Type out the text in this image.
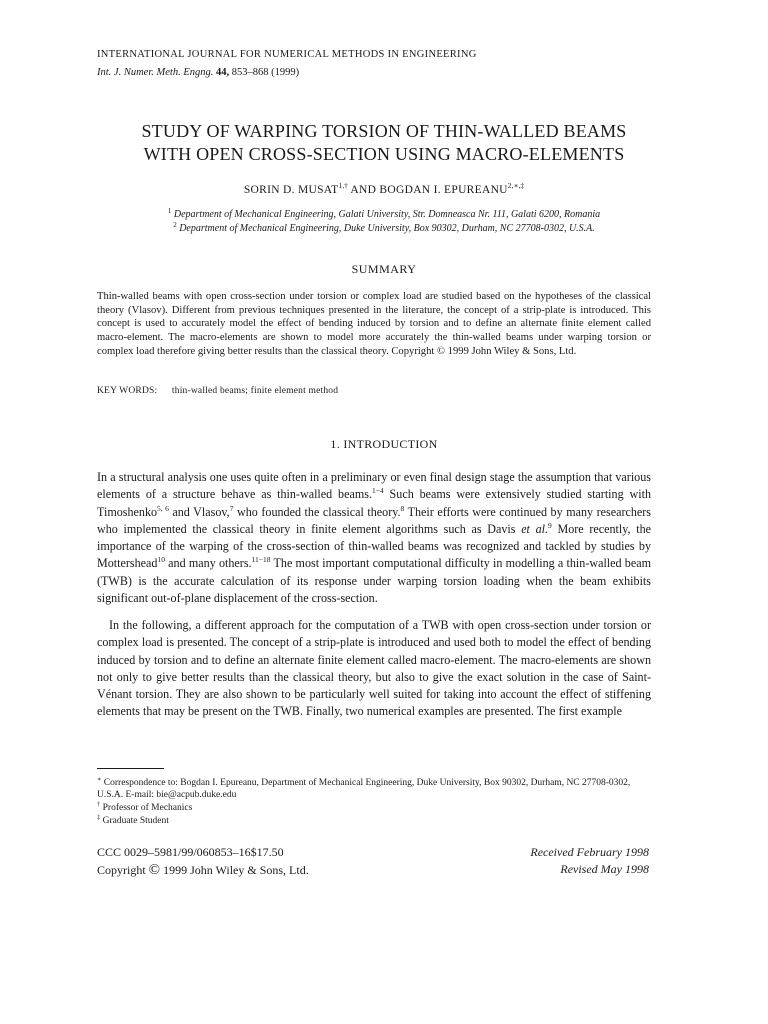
INTERNATIONAL JOURNAL FOR NUMERICAL METHODS IN ENGINEERING
Int. J. Numer. Meth. Engng. 44, 853–868 (1999)
STUDY OF WARPING TORSION OF THIN-WALLED BEAMS
WITH OPEN CROSS-SECTION USING MACRO-ELEMENTS
SORIN D. $MUSAT^{1,\dagger}$ AND BOGDAN I. $EPUREANU^{2,∗,\ddagger}$
$^1$ Department of Mechanical Engineering, Galati University, Str. Domneasca Nr. 111, Galati 6200, Romania
$^2$ Department of Mechanical Engineering, Duke University, Box 90302, Durham, NC 27708-0302, U.S.A.
SUMMARY

Thin-walled beams with open cross-section under torsion or complex load are studied based on the hypotheses of the classical theory (Vlasov). Different from previous techniques presented in the literature, the concept of a strip-plate is introduced. This concept is used to accurately model the effect of bending induced by torsion and to define an alternate finite element called macro-element. The macro-elements are shown to model more accurately the thin-walled beams under warping torsion or complex load therefore giving better results than the classical theory. Copyright © 1999 John Wiley & Sons, Ltd.

KEY WORDS: thin-walled beams; finite element method
1. INTRODUCTION

In a structural analysis one uses quite often in a preliminary or even final design stage the assumption that various elements of a structure behave as thin-walled beams.$^{1-4}$ Such beams were extensively studied starting with Timoshenko$^{5, 6}$ and Vlasov,$^7$ who founded the classical theory.$^8$ Their efforts were continued by many researchers who implemented the classical theory in finite element algorithms such as Davis et al.$^9$ More recently, the importance of the warping of the cross-section of thin-walled beams was recognized and tackled by studies by Mottershead$^{10}$ and many others.$^{11-18}$ The most important computational difficulty in modelling a thin-walled beam (TWB) is the accurate calculation of its response under warping torsion loading when the beam exhibits significant out-of-plane displacement of the cross-section.

In the following, a different approach for the computation of a TWB with open cross-section under torsion or complex load is presented. The concept of a strip-plate is introduced and used both to model the effect of bending induced by torsion and to define an alternate finite element called macro-element. The macro-elements are shown not only to give better results than the classical theory, but also to give the exact solution in the case of Saint-Vénant torsion. They are also shown to be particularly well suited for taking into account the effect of stiffening elements that may be present on the TWB. Finally, two numerical examples are presented. The first example

∗ Correspondence to: Bogdan I. Epureanu, Department of Mechanical Engineering, Duke University, Box 90302, Durham, NC 27708-0302, U.S.A. E-mail: bie@acpub.duke.edu

† Professor of Mechanics

‡ Graduate Student

CCC 0029–5981/99/060853–16$17.50
Copyright © 1999 John Wiley & Sons, Ltd.
Received February 1998
Revised May 1998
